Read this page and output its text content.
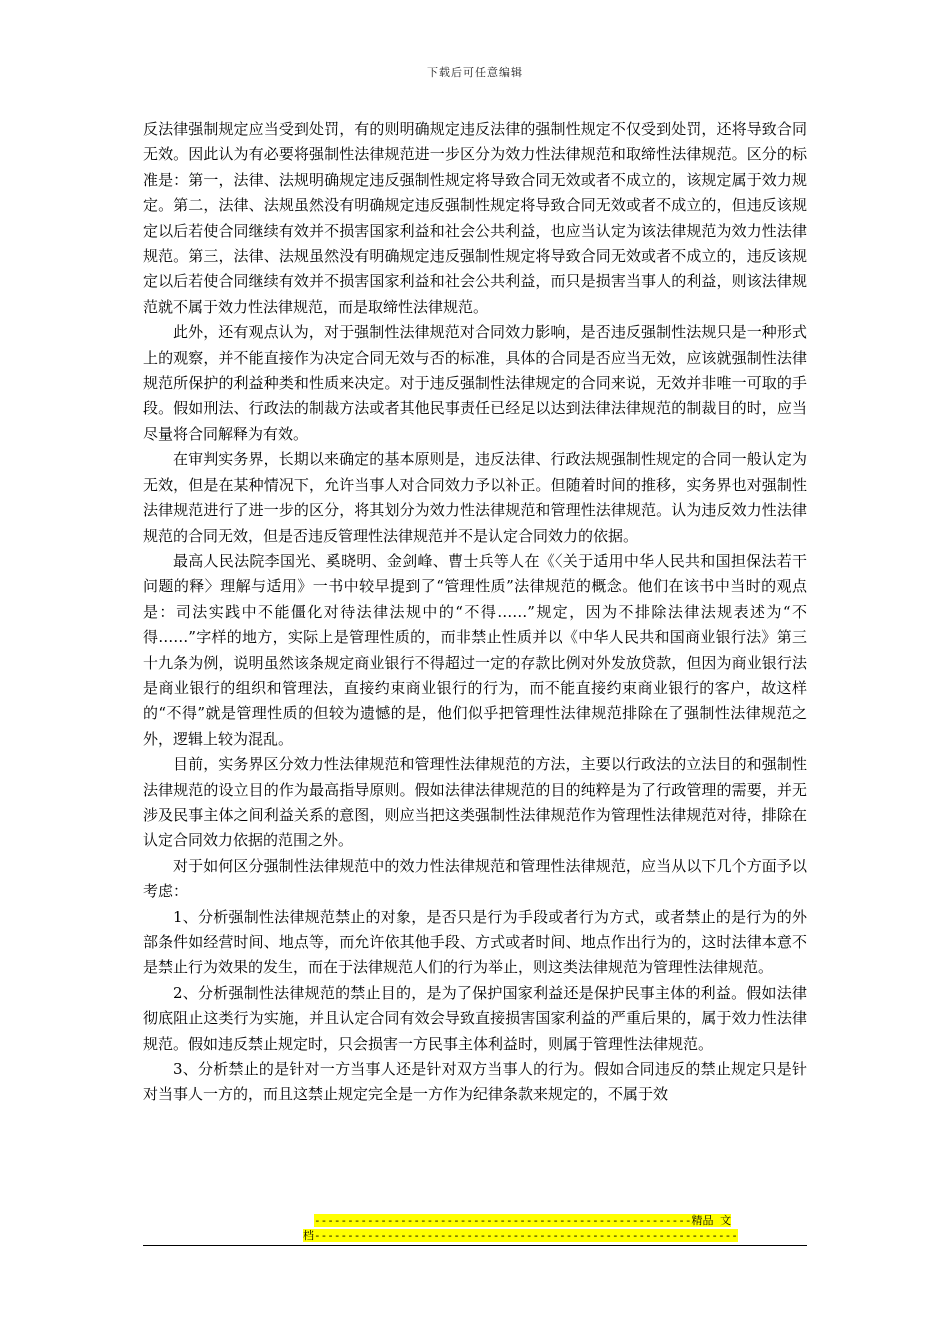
下载后可任意编辑

反法律强制规定应当受到处罚，有的则明确规定违反法律的强制性规定不仅受到处罚，还将导致合同无效。因此认为有必要将强制性法律规范进一步区分为效力性法律规范和取缔性法律规范。区分的标准是：第一，法律、法规明确规定违反强制性规定将导致合同无效或者不成立的，该规定属于效力规定。第二，法律、法规虽然没有明确规定违反强制性规定将导致合同无效或者不成立的，但违反该规定以后若使合同继续有效并不损害国家利益和社会公共利益，也应当认定为该法律规范为效力性法律规范。第三，法律、法规虽然没有明确规定违反强制性规定将导致合同无效或者不成立的，违反该规定以后若使合同继续有效并不损害国家利益和社会公共利益，而只是损害当事人的利益，则该法律规范就不属于效力性法律规范，而是取缔性法律规范。

此外，还有观点认为，对于强制性法律规范对合同效力影响，是否违反强制性法规只是一种形式上的观察，并不能直接作为决定合同无效与否的标准，具体的合同是否应当无效，应该就强制性法律规范所保护的利益种类和性质来决定。对于违反强制性法律规定的合同来说，无效并非唯一可取的手段。假如刑法、行政法的制裁方法或者其他民事责任已经足以达到法律法律规范的制裁目的时，应当尽量将合同解释为有效。

在审判实务界，长期以来确定的基本原则是，违反法律、行政法规强制性规定的合同一般认定为无效，但是在某种情况下，允许当事人对合同效力予以补正。但随着时间的推移，实务界也对强制性法律规范进行了进一步的区分，将其划分为效力性法律规范和管理性法律规范。认为违反效力性法律规范的合同无效，但是否违反管理性法律规范并不是认定合同效力的依据。

最高人民法院李国光、奚晓明、金剑峰、曹士兵等人在《〈关于适用中华人民共和国担保法若干问题的释〉理解与适用》一书中较早提到了“管理性质”法律规范的概念。他们在该书中当时的观点是：司法实践中不能僵化对待法律法规中的“不得……”规定，因为不排除法律法规表述为“不得……”字样的地方，实际上是管理性质的，而非禁止性质并以《中华人民共和国商业银行法》第三十九条为例，说明虽然该条规定商业银行不得超过一定的存款比例对外发放贷款，但因为商业银行法是商业银行的组织和管理法，直接约束商业银行的行为，而不能直接约束商业银行的客户，故这样的“不得”就是管理性质的但较为遗憾的是，他们似乎把管理性法律规范排除在了强制性法律规范之外，逻辑上较为混乱。

目前，实务界区分效力性法律规范和管理性法律规范的方法，主要以行政法的立法目的和强制性法律规范的设立目的作为最高指导原则。假如法律法律规范的目的纯粹是为了行政管理的需要，并无涉及民事主体之间利益关系的意图，则应当把这类强制性法律规范作为管理性法律规范对待，排除在认定合同效力依据的范围之外。

对于如何区分强制性法律规范中的效力性法律规范和管理性法律规范，应当从以下几个方面予以考虑：

1、分析强制性法律规范禁止的对象，是否只是行为手段或者行为方式，或者禁止的是行为的外部条件如经营时间、地点等，而允许依其他手段、方式或者时间、地点作出行为的，这时法律本意不是禁止行为效果的发生，而在于法律规范人们的行为举止，则这类法律规范为管理性法律规范。

2、分析强制性法律规范的禁止目的，是为了保护国家利益还是保护民事主体的利益。假如法律彻底阻止这类行为实施，并且认定合同有效会导致直接损害国家利益的严重后果的，属于效力性法律规范。假如违反禁止规定时，只会损害一方民事主体利益时，则属于管理性法律规范。

3、分析禁止的是针对一方当事人还是针对双方当事人的行为。假如合同违反的禁止规定只是针对当事人一方的，而且这禁止规定完全是一方作为纪律条款来规定的，不属于效

---------------------------------------------------------精品 文
档----------------------------------------------------------------
